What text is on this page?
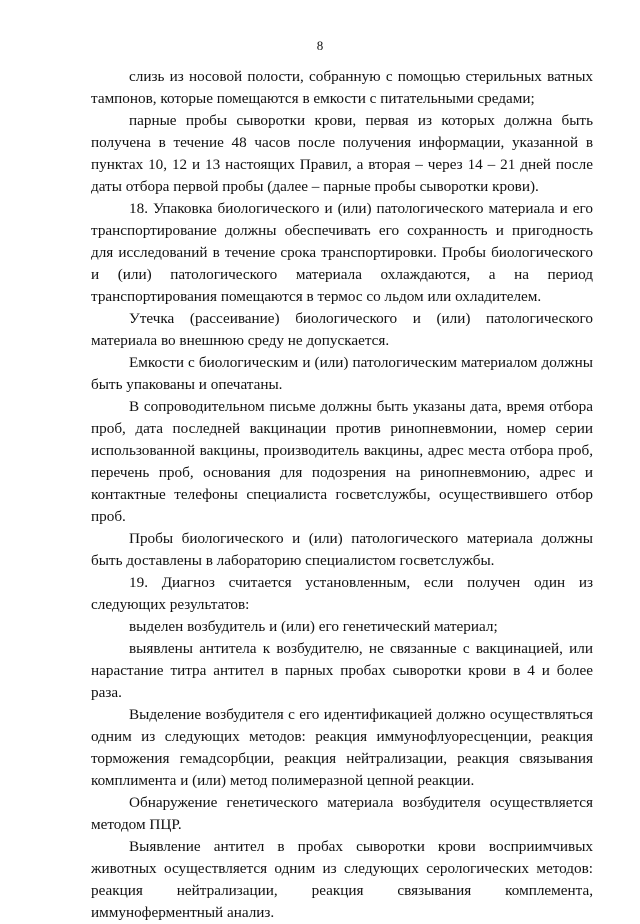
8

слизь из носовой полости, собранную с помощью стерильных ватных тампонов, которые помещаются в емкости с питательными средами;

парные пробы сыворотки крови, первая из которых должна быть получена в течение 48 часов после получения информации, указанной в пунктах 10, 12 и 13 настоящих Правил, а вторая – через 14 – 21 дней после даты отбора первой пробы (далее – парные пробы сыворотки крови).

18. Упаковка биологического и (или) патологического материала и его транспортирование должны обеспечивать его сохранность и пригодность для исследований в течение срока транспортировки. Пробы биологического и (или) патологического материала охлаждаются, а на период транспортирования помещаются в термос со льдом или охладителем.

Утечка (рассеивание) биологического и (или) патологического материала во внешнюю среду не допускается.

Емкости с биологическим и (или) патологическим материалом должны быть упакованы и опечатаны.

В сопроводительном письме должны быть указаны дата, время отбора проб, дата последней вакцинации против ринопневмонии, номер серии использованной вакцины, производитель вакцины, адрес места отбора проб, перечень проб, основания для подозрения на ринопневмонию, адрес и контактные телефоны специалиста госветслужбы, осуществившего отбор проб.

Пробы биологического и (или) патологического материала должны быть доставлены в лабораторию специалистом госветслужбы.

19. Диагноз считается установленным, если получен один из следующих результатов:

выделен возбудитель и (или) его генетический материал;

выявлены антитела к возбудителю, не связанные с вакцинацией, или нарастание титра антител в парных пробах сыворотки крови в 4 и более раза.

Выделение возбудителя с его идентификацией должно осуществляться одним из следующих методов: реакция иммунофлуоресценции, реакция торможения гемадсорбции, реакция нейтрализации, реакция связывания комплимента и (или) метод полимеразной цепной реакции.

Обнаружение генетического материала возбудителя осуществляется методом ПЦР.

Выявление антител в пробах сыворотки крови восприимчивых животных осуществляется одним из следующих серологических методов: реакция нейтрализации, реакция связывания комплемента, иммуноферментный анализ.
